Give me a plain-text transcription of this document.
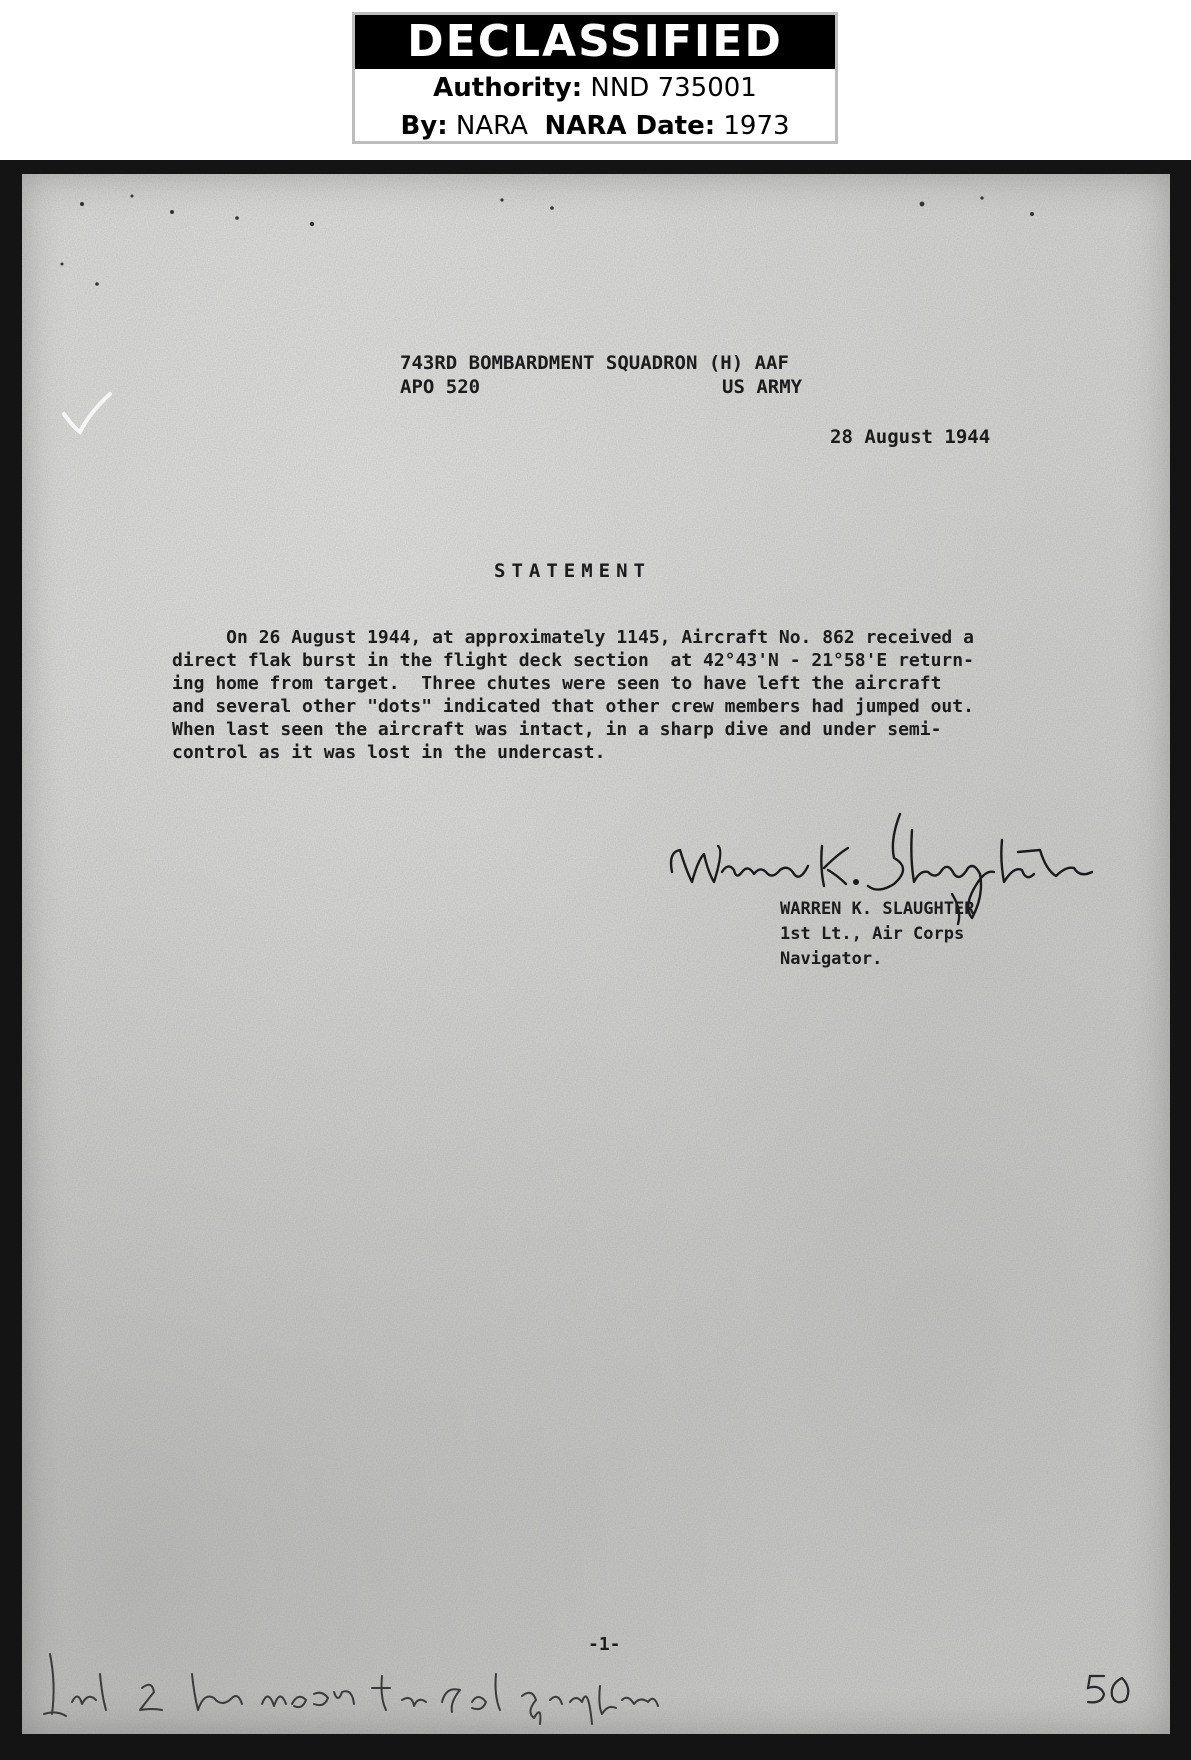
DECLASSIFIED
Authority: NND 735001
By: NARA NARA Date: 1973
743RD BOMBARDMENT SQUADRON (H) AAF
APO 520	US ARMY
28 August 1944
STATEMENT
On 26 August 1944, at approximately 1145, Aircraft No. 862 received a
direct flak burst in the flight deck section  at 42°43'N - 21°58'E return-
ing home from target.  Three chutes were seen to have left the aircraft
and several other "dots" indicated that other crew members had jumped out.
When last seen the aircraft was intact, in a sharp dive and under semi-
control as it was lost in the undercast.
WARREN K. SLAUGHTER
1st Lt., Air Corps
Navigator.
-1-
